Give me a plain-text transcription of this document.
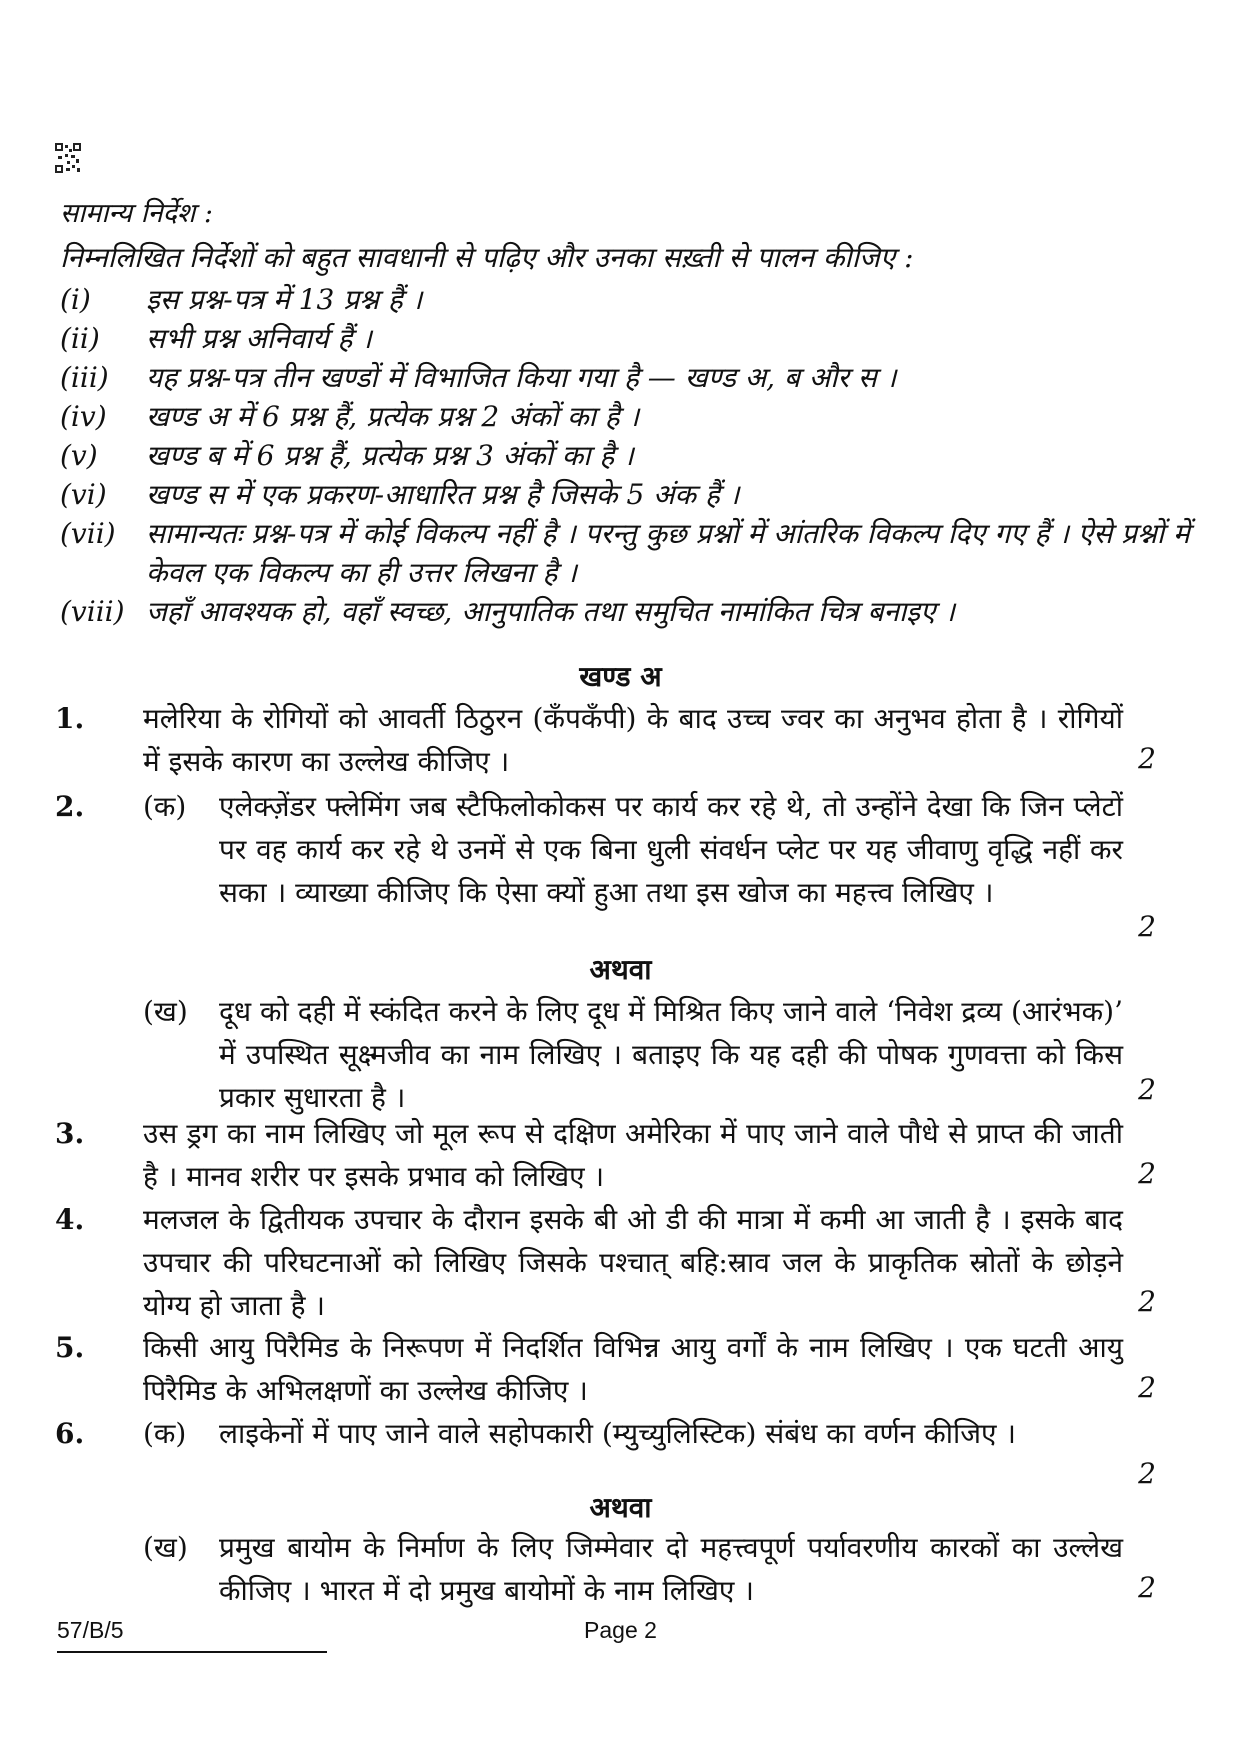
सामान्य निर्देश :
निम्नलिखित निर्देशों को बहुत सावधानी से पढ़िए और उनका सख़्ती से पालन कीजिए :
(i)	इस प्रश्न-पत्र में 13 प्रश्न हैं ।
(ii)	सभी प्रश्न अनिवार्य हैं ।
(iii)	यह प्रश्न-पत्र तीन खण्डों में विभाजित किया गया है — खण्ड अ, ब और स ।
(iv)	खण्ड अ में 6 प्रश्न हैं, प्रत्येक प्रश्न 2 अंकों का है ।
(v)	खण्ड ब में 6 प्रश्न हैं, प्रत्येक प्रश्न 3 अंकों का है ।
(vi)	खण्ड स में एक प्रकरण-आधारित प्रश्न है जिसके 5 अंक हैं ।
(vii)	सामान्यतः प्रश्न-पत्र में कोई विकल्प नहीं है । परन्तु कुछ प्रश्नों में आंतरिक विकल्प दिए गए हैं । ऐसे प्रश्नों में केवल एक विकल्प का ही उत्तर लिखना है ।
(viii) जहाँ आवश्यक हो, वहाँ स्वच्छ, आनुपातिक तथा समुचित नामांकित चित्र बनाइए ।
खण्ड अ
1. मलेरिया के रोगियों को आवर्ती ठिठुरन (कँपकँपी) के बाद उच्च ज्वर का अनुभव होता है । रोगियों में इसके कारण का उल्लेख कीजिए ।	2
2. (क)	एलेक्ज़ेंडर फ्लेमिंग जब स्टैफिलोकोकस पर कार्य कर रहे थे, तो उन्होंने देखा कि जिन प्लेटों पर वह कार्य कर रहे थे उनमें से एक बिना धुली संवर्धन प्लेट पर यह जीवाणु वृद्धि नहीं कर सका । व्याख्या कीजिए कि ऐसा क्यों हुआ तथा इस खोज का महत्त्व लिखिए ।
2
अथवा
(ख)	दूध को दही में स्कंदित करने के लिए दूध में मिश्रित किए जाने वाले ‘निवेश द्रव्य (आरंभक)’ में उपस्थित सूक्ष्मजीव का नाम लिखिए । बताइए कि यह दही की पोषक गुणवत्ता को किस प्रकार सुधारता है ।	2
3. उस ड्रग का नाम लिखिए जो मूल रूप से दक्षिण अमेरिका में पाए जाने वाले पौधे से प्राप्त की जाती है । मानव शरीर पर इसके प्रभाव को लिखिए ।	2
4. मलजल के द्वितीयक उपचार के दौरान इसके बी ओ डी की मात्रा में कमी आ जाती है । इसके बाद उपचार की परिघटनाओं को लिखिए जिसके पश्चात् बहि:स्राव जल के प्राकृतिक स्रोतों के छोड़ने योग्य हो जाता है ।	2
5. किसी आयु पिरैमिड के निरूपण में निदर्शित विभिन्न आयु वर्गों के नाम लिखिए । एक घटती आयु पिरैमिड के अभिलक्षणों का उल्लेख कीजिए ।	2
6. (क)	लाइकेनों में पाए जाने वाले सहोपकारी (म्युच्युलिस्टिक) संबंध का वर्णन कीजिए ।
2
अथवा
(ख)	प्रमुख बायोम के निर्माण के लिए जिम्मेवार दो महत्त्वपूर्ण पर्यावरणीय कारकों का उल्लेख कीजिए । भारत में दो प्रमुख बायोमों के नाम लिखिए ।	2
57/B/5	Page 2
